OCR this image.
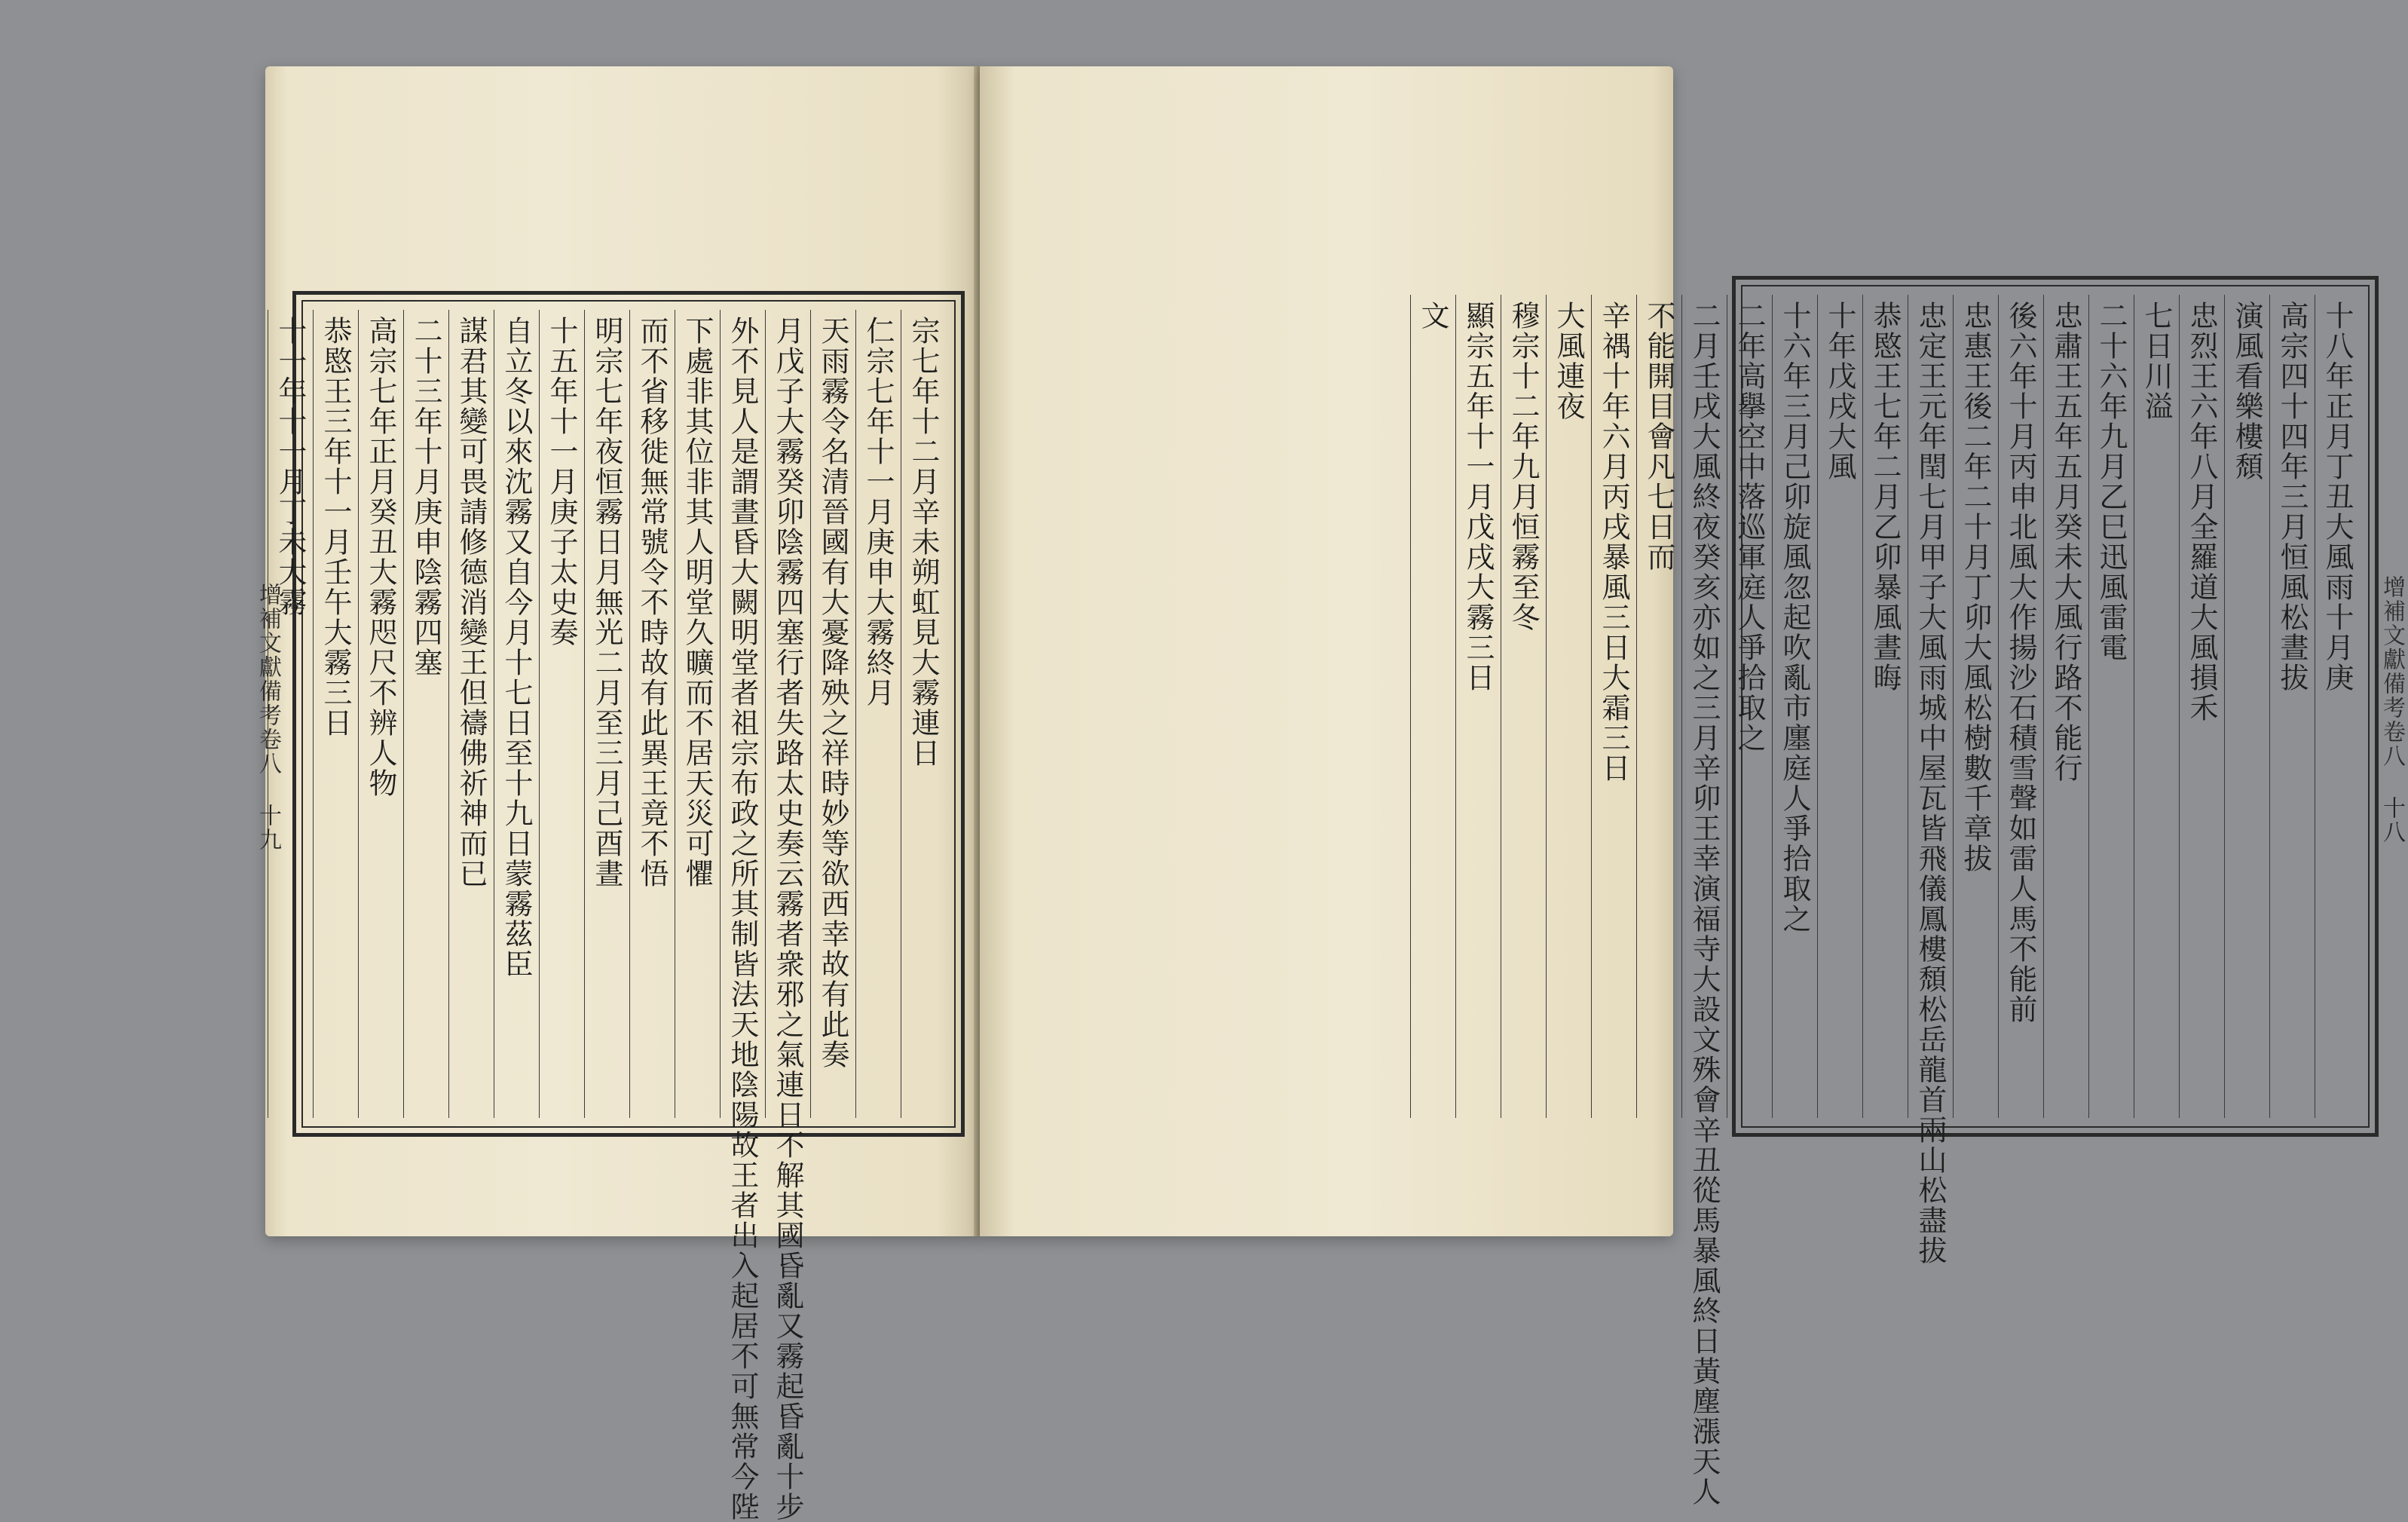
增補文獻備考卷八 十九
宗七年十二月辛未朔虹見大霧連日
仁宗七年十一月庚申大霧終月
天雨霧令名清晉國有大憂降殃之祥時妙等欲西幸故有此奏
月戊子大霧癸卯陰霧四塞行者失路太史奏云霧者衆邪之氣連日不解其國昏亂又霧起昏亂十步
外不見人是謂晝昏大闕明堂者祖宗布政之所其制皆法天地陰陽故王者出入起居不可無常今陛
下處非其位非其人明堂久曠而不居天災可懼
而不省移徙無常號令不時故有此異王竟不悟
明宗七年夜恒霧日月無光二月至三月己酉晝
十五年十一月庚子太史奏
自立冬以來沈霧又自今月十七日至十九日蒙霧茲臣
謀君其變可畏請修德消變王但禱佛祈神而已
二十三年十月庚申陰霧四塞
高宗七年正月癸丑大霧咫尺不辨人物
恭愍王三年十一月壬午大霧三日
十一年十一月丁未大霧
增補文獻備考卷八 十八
十八年正月丁丑大風雨十月庚
高宗四十四年三月恒風松晝拔
演風看樂樓頹
忠烈王六年八月全羅道大風損禾
七日川溢
二十六年九月乙巳迅風雷電
忠肅王五年五月癸未大風行路不能行
後六年十月丙申北風大作揚沙石積雪聲如雷人馬不能前
忠惠王後二年二十月丁卯大風松樹數千章拔
忠定王元年閏七月甲子大風雨城中屋瓦皆飛儀鳳樓頹松岳龍首兩山松盡拔
恭愍王七年二月乙卯暴風晝晦
十年戊戌大風
十六年三月己卯旋風忽起吹亂市廛庭人爭拾取之
二年高擧空中落巡軍庭人爭拾取之
二月壬戌大風終夜癸亥亦如之三月辛卯王幸演福寺大設文殊會辛丑從馬暴風終日黃塵漲天人
不能開目會凡七日而
辛禑十年六月丙戌暴風三日大霜三日
大風連夜
穆宗十二年九月恒霧至冬
顯宗五年十一月戊戌大霧三日
文
